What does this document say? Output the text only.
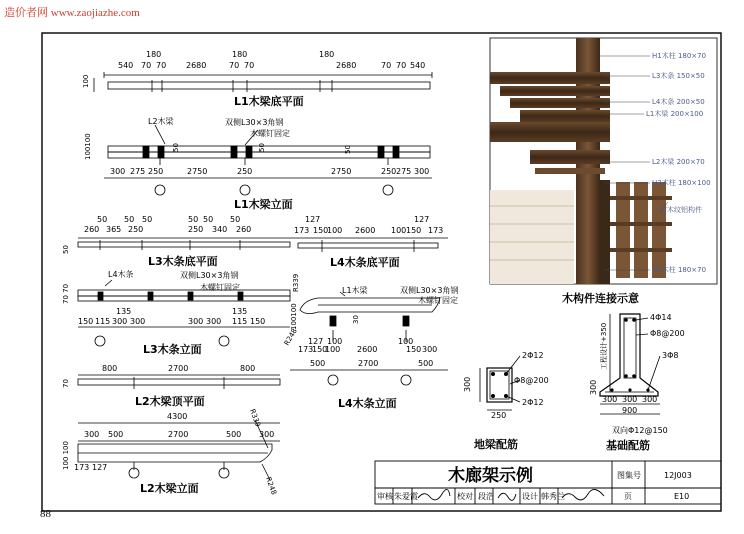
造价者网 www.zaojiazhe.com
88
100
180	180	180
540 70 70 2680	70 70	2680	70 70 540
L1木梁底平面
L2木梁	双侧L30×3角钢
木螺钉固定
100100	50	50	50
300 275 250	2750	250	2750	250 275 300
L1木梁立面
50
50 50 50	50 50 50
260 365 250	250 340 260
L3木条底平面
L4木条	双侧L30×3角钢
木螺钉固定
70 70
135	135
150 115 300 300	300 300 115 150
L3木条立面
127	127
173 150
100 2600 100 150 173
L4木条底平面
L1木梁	双侧L30×3角钢
木螺钉固定
R339
R248
100100	30
127 100	100
173
150
100 2600	150 300
500	2700	500
L4木条立面
70
800	2700	800
L2木梁顶平面
4300
300 500	2700	500 300
100 100 173 127
R339
R248
L2木梁立面
H1木柱 180×70
L3木条 150×50
L4木条 200×50
L1木梁 200×100
L2木梁 200×70
H3木柱 180×100
仿木纹铝构件
H2木柱 180×70
木构件连接示意
2Φ12
Φ8@200
2Φ12
300
250
地梁配筋
4Φ14
Φ8@200
3Φ8
工程设计+350
300
300 300 300
900
双向Φ12@150
基础配筋
木廊架示例	图集号	12J003
审核 朱爱霞	校对 段浩	设计 韩秀兰	页	E10
